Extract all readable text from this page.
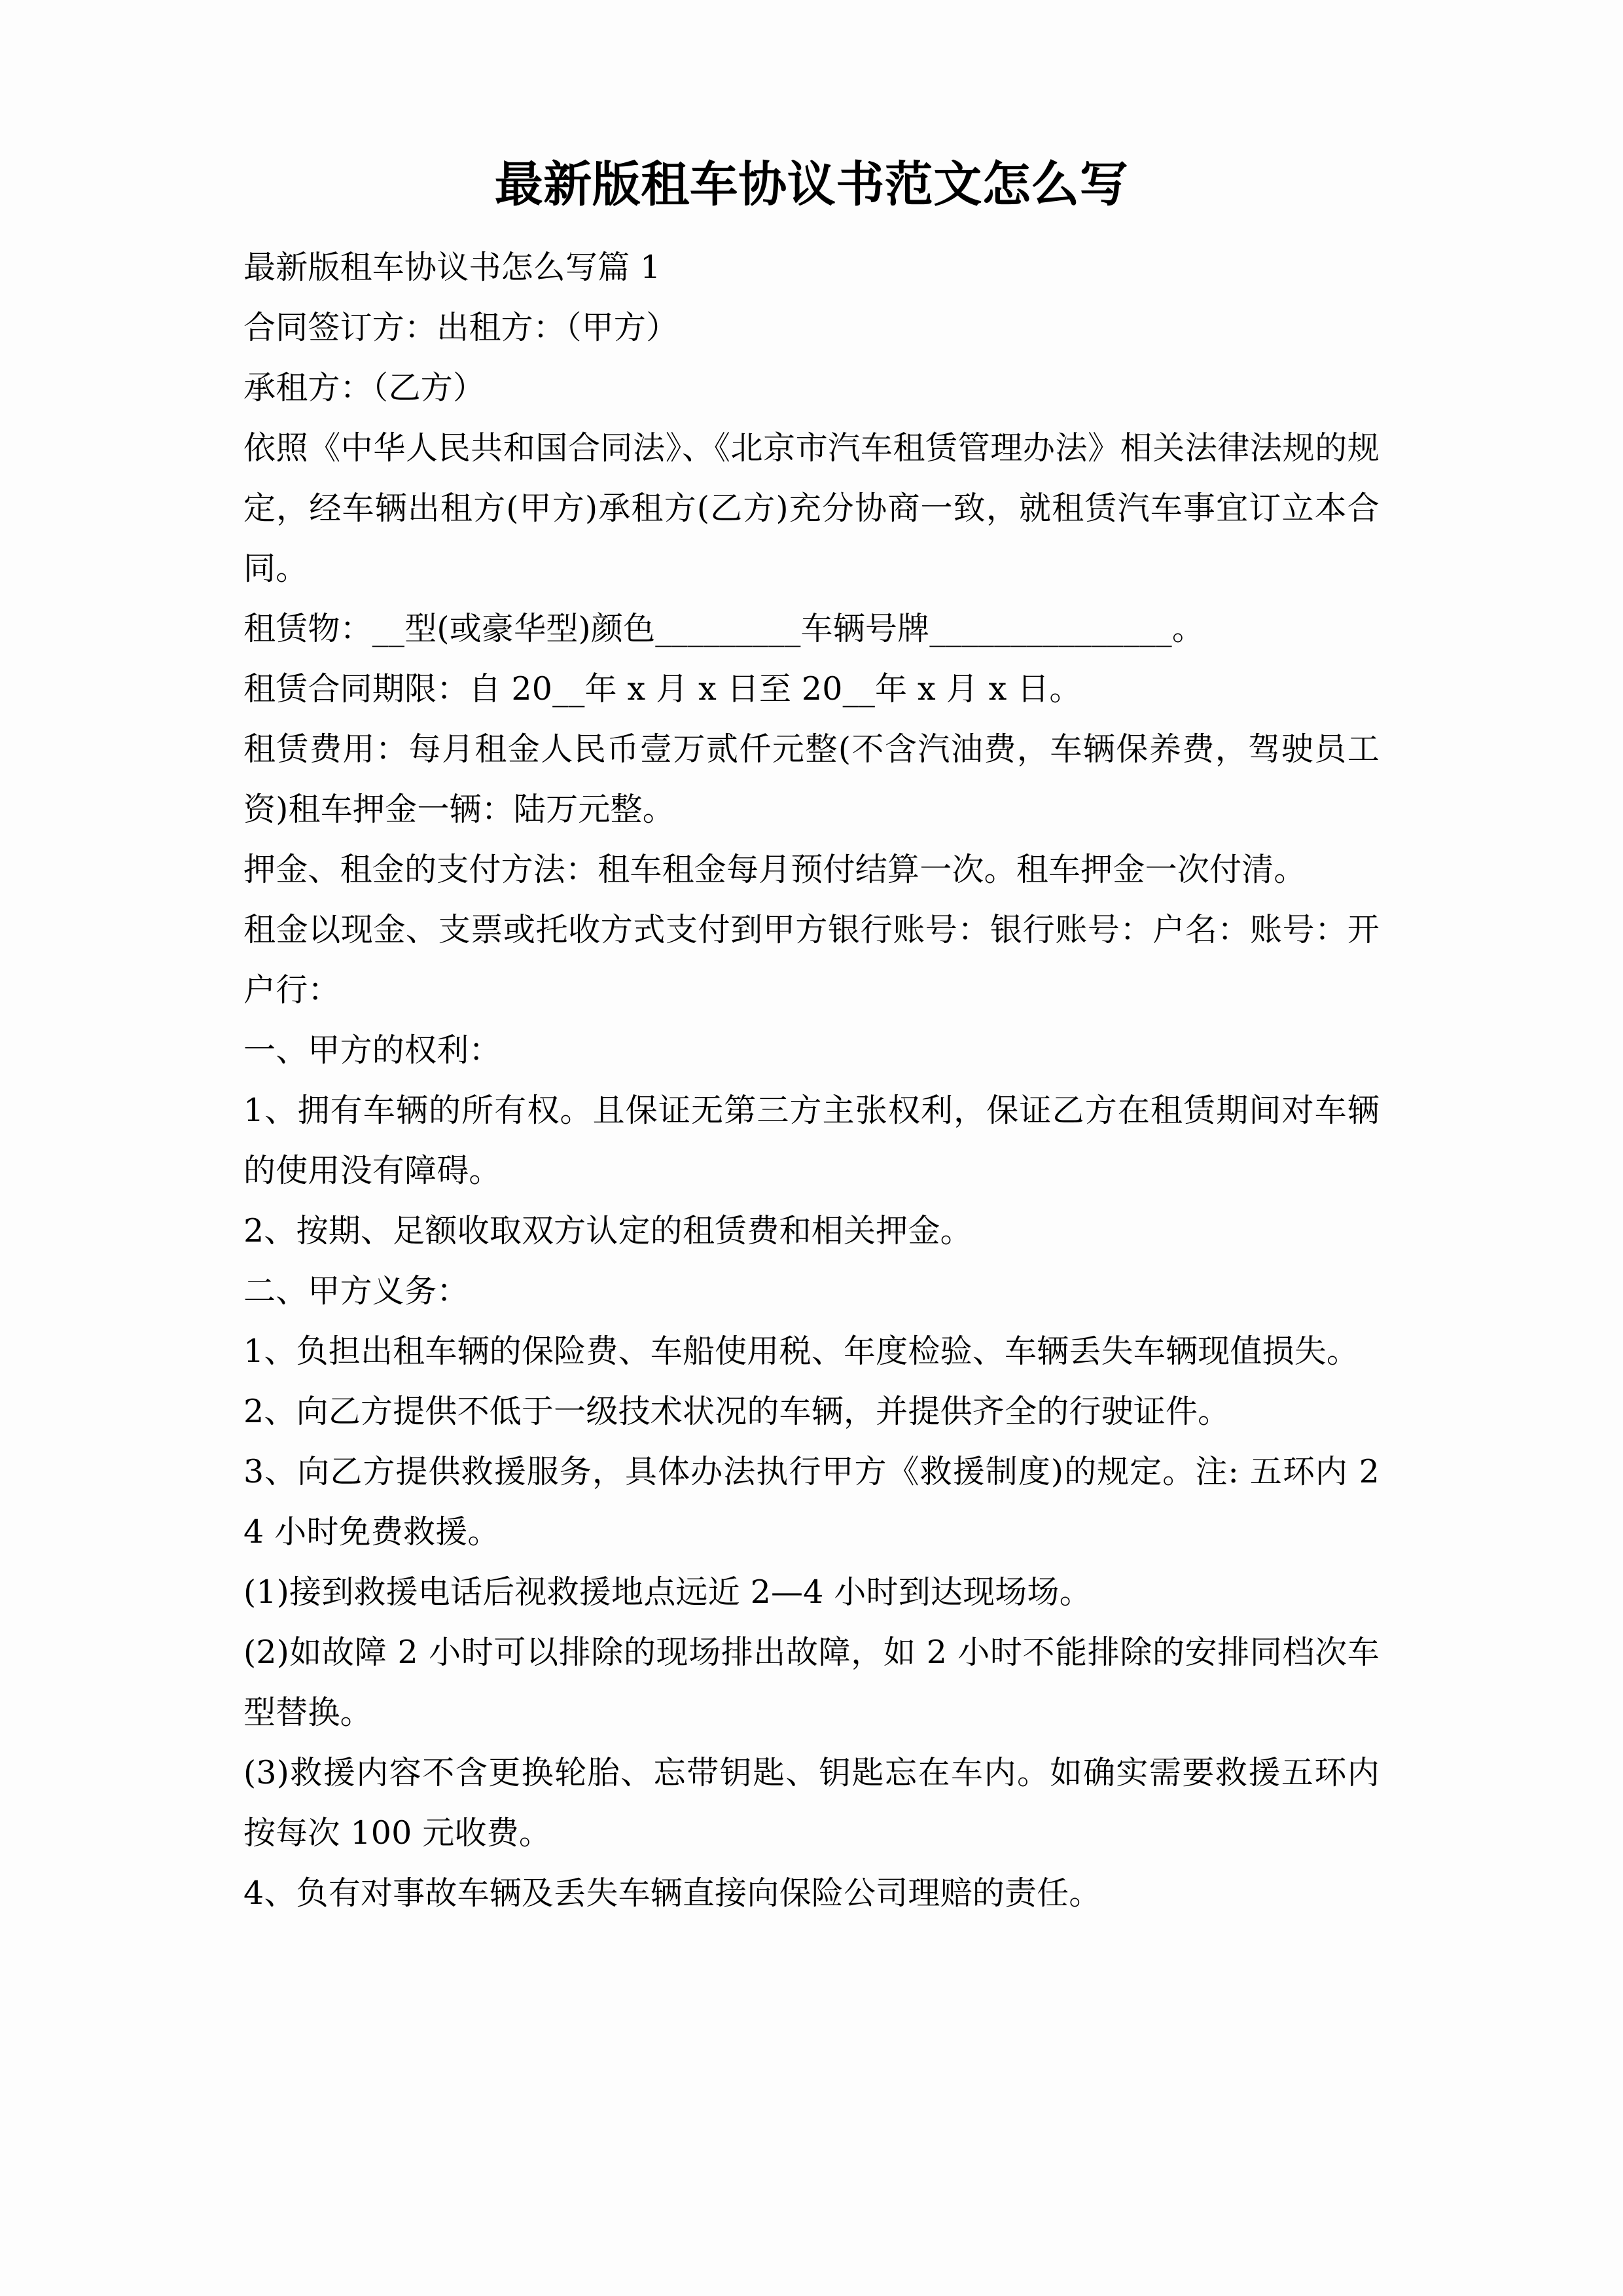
最新版租车协议书范文怎么写

最新版租车协议书怎么写篇 1

合同签订方：出租方：（甲方）

承租方：（乙方）

依照《中华人民共和国合同法》、《北京市汽车租赁管理办法》相关法律法规的规定，经车辆出租方(甲方)承租方(乙方)充分协商一致，就租赁汽车事宜订立本合同。

租赁物：__型(或豪华型)颜色_________车辆号牌_______________。

租赁合同期限：自 20__年 x 月 x 日至 20__年 x 月 x 日。

租赁费用：每月租金人民币壹万贰仟元整(不含汽油费，车辆保养费，驾驶员工资)租车押金一辆：陆万元整。

押金、租金的支付方法：租车租金每月预付结算一次。租车押金一次付清。

租金以现金、支票或托收方式支付到甲方银行账号：银行账号：户名：账号：开户行：

一、甲方的权利：

1、拥有车辆的所有权。且保证无第三方主张权利，保证乙方在租赁期间对车辆的使用没有障碍。

2、按期、足额收取双方认定的租赁费和相关押金。

二、甲方义务：

1、负担出租车辆的保险费、车船使用税、年度检验、车辆丢失车辆现值损失。

2、向乙方提供不低于一级技术状况的车辆，并提供齐全的行驶证件。

3、向乙方提供救援服务，具体办法执行甲方《救援制度)的规定。注: 五环内 24 小时免费救援。

(1)接到救援电话后视救援地点远近 2—4 小时到达现场场。

(2)如故障 2 小时可以排除的现场排出故障，如 2 小时不能排除的安排同档次车型替换。

(3)救援内容不含更换轮胎、忘带钥匙、钥匙忘在车内。如确实需要救援五环内按每次 100 元收费。

4、负有对事故车辆及丢失车辆直接向保险公司理赔的责任。
